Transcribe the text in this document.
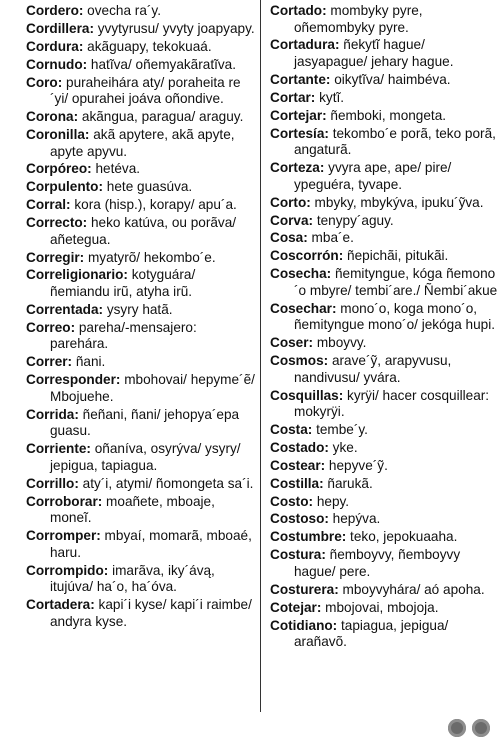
Cordero: ovecha ra´y.
Cordillera: yvytyrusu/ yvyty joapyapy.
Cordura: akãguapy, tekokuaá.
Cornudo: hatĩva/ oñemyakãratĩva.
Coro: puraheihára aty/ poraheita re´yi/ opurahei joáva oñondive.
Corona: akãngua, paragua/ araguy.
Coronilla: akã apytere, akã apyte, apyte apyvu.
Corpóreo: hetéva.
Corpulento: hete guasúva.
Corral: kora (hisp.), korapy/ apu´a.
Correcto: heko katúva, ou porãva/ añetegua.
Corregir: myatyrõ/ hekombo´e.
Correligionario: kotyguára/ ñemiandu irũ, atyha irũ.
Correntada: ysyry hatã.
Correo: pareha/-mensajero: parehára.
Correr: ñani.
Corresponder: mbohovai/ hepyme´ẽ/ Mbojuehe.
Corrida: ñeñani, ñani/ jehopya´epa guasu.
Corriente: oñaníva, osyrýva/ ysyry/ jepigua, tapiagua.
Corrillo: aty´i, atymi/ ñomongeta sa´i.
Corroborar: moañete, mboaje, moneĩ.
Corromper: mbyaí, momarã, mboaé, haru.
Corrompido: imarãva, iky´ávą, itujúva/ ha´o, ha´óva.
Cortadera: kapi´i kyse/ kapi´i raimbe/ andyra kyse.
Cortado: mombyky pyre, oñemombyky pyre.
Cortadura: ñekytĩ hague/ jasyapague/ jehary hague.
Cortante: oikytĩva/ haimbéva.
Cortar: kytĩ.
Cortejar: ñemboki, mongeta.
Cortesía: tekombo´e porã, teko porã, angaturã.
Corteza: yvyra ape, ape/ pire/ ypeguéra, tyvape.
Corto: mbyky, mbykýva, ipuku´ỹva.
Corva: tenypy´aguy.
Cosa: mba´e.
Coscorrón: ñepichãi, pitukãi.
Cosecha: ñemityngue, kóga ñemono´o mbyre/ tembi´are./ Ñembi´akue
Cosechar: mono´o, koga mono´o, ñemityngue mono´o/ jekóga hupi.
Coser: mboyvy.
Cosmos: arave´ỹ, arapyvusu, nandivusu/ yvára.
Cosquillas: kyrÿi/ hacer cosquillear: mokyrÿi.
Costa: tembe´y.
Costado: yke.
Costear: hepyve´ỹ.
Costilla: ñarukã.
Costo: hepy.
Costoso: hepýva.
Costumbre: teko, jepokuaaha.
Costura: ñemboyvy, ñemboyvy hague/ pere.
Costurera: mboyvyhára/ aó apoha.
Cotejar: mbojovai, mbojoja.
Cotidiano: tapiagua, jepigua/ arañavõ.
